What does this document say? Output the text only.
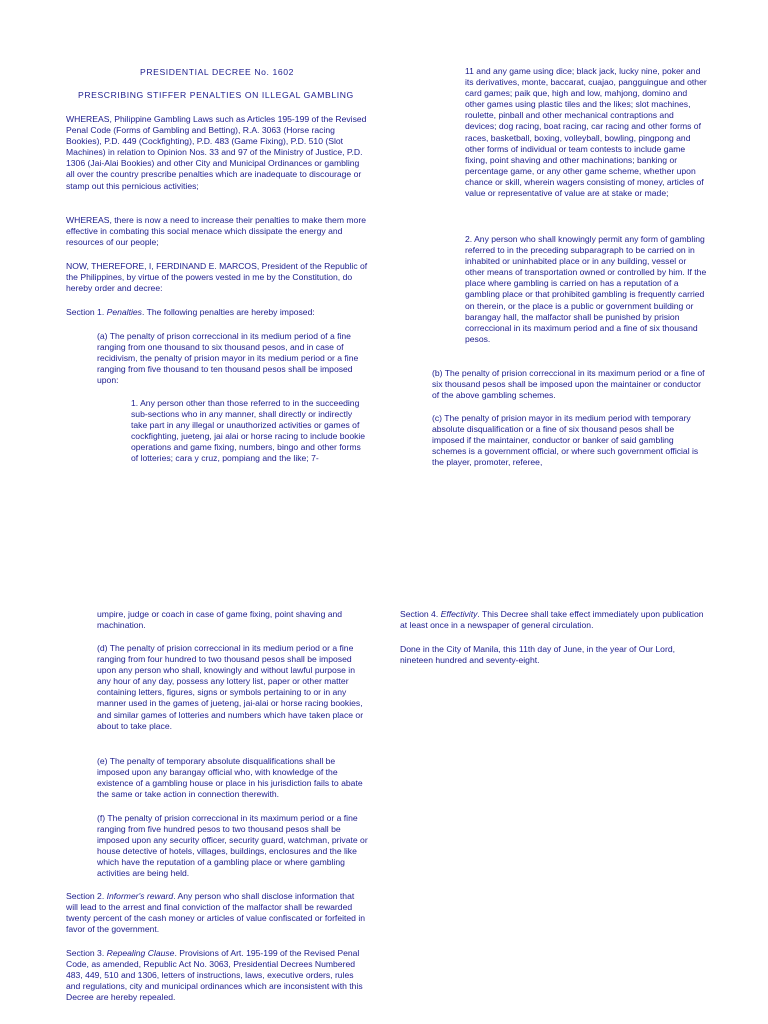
PRESIDENTIAL DECREE No. 1602
PRESCRIBING STIFFER PENALTIES ON ILLEGAL GAMBLING

WHEREAS, Philippine Gambling Laws such as Articles 195-199 of the Revised Penal Code (Forms of Gambling and Betting), R.A. 3063 (Horse racing Bookies), P.D. 449 (Cockfighting), P.D. 483 (Game Fixing), P.D. 510 (Slot Machines) in relation to Opinion Nos. 33 and 97 of the Ministry of Justice, P.D. 1306 (Jai-Alai Bookies) and other City and Municipal Ordinances or gambling all over the country prescribe penalties which are inadequate to discourage or stamp out this pernicious activities;

WHEREAS, there is now a need to increase their penalties to make them more effective in combating this social menace which dissipate the energy and resources of our people;

NOW, THEREFORE, I, FERDINAND E. MARCOS, President of the Republic of the Philippines, by virtue of the powers vested in me by the Constitution, do hereby order and decree:

Section 1. Penalties. The following penalties are hereby imposed:

(a) The penalty of prison correccional in its medium period of a fine ranging from one thousand to six thousand pesos, and in case of recidivism, the penalty of prision mayor in its medium period or a fine ranging from five thousand to ten thousand pesos shall be imposed upon:

1. Any person other than those referred to in the succeeding sub-sections who in any manner, shall directly or indirectly take part in any illegal or unauthorized activities or games of cockfighting, jueteng, jai alai or horse racing to include bookie operations and game fixing, numbers, bingo and other forms of lotteries; cara y cruz, pompiang and the like; 7-

11 and any game using dice; black jack, lucky nine, poker and its derivatives, monte, baccarat, cuajao, pangguingue and other card games; paik que, high and low, mahjong, domino and other games using plastic tiles and the likes; slot machines, roulette, pinball and other mechanical contraptions and devices; dog racing, boat racing, car racing and other forms of races, basketball, boxing, volleyball, bowling, pingpong and other forms of individual or team contests to include game fixing, point shaving and other machinations; banking or percentage game, or any other game scheme, whether upon chance or skill, wherein wagers consisting of money, articles of value or representative of value are at stake or made;

2. Any person who shall knowingly permit any form of gambling referred to in the preceding subparagraph to be carried on in inhabited or uninhabited place or in any building, vessel or other means of transportation owned or controlled by him. If the place where gambling is carried on has a reputation of a gambling place or that prohibited gambling is frequently carried on therein, or the place is a public or government building or barangay hall, the malfactor shall be punished by prision correccional in its maximum period and a fine of six thousand pesos.

(b) The penalty of prision correccional in its maximum period or a fine of six thousand pesos shall be imposed upon the maintainer or conductor of the above gambling schemes.

(c) The penalty of prision mayor in its medium period with temporary absolute disqualification or a fine of six thousand pesos shall be imposed if the maintainer, conductor or banker of said gambling schemes is a government official, or where such government official is the player, promoter, referee,

umpire, judge or coach in case of game fixing, point shaving and machination.

(d) The penalty of prision correccional in its medium period or a fine ranging from four hundred to two thousand pesos shall be imposed upon any person who shall, knowingly and without lawful purpose in any hour of any day, possess any lottery list, paper or other matter containing letters, figures, signs or symbols pertaining to or in any manner used in the games of jueteng, jai-alai or horse racing bookies, and similar games of lotteries and numbers which have taken place or about to take place.

(e) The penalty of temporary absolute disqualifications shall be imposed upon any barangay official who, with knowledge of the existence of a gambling house or place in his jurisdiction fails to abate the same or take action in connection therewith.

(f) The penalty of prision correccional in its maximum period or a fine ranging from five hundred pesos to two thousand pesos shall be imposed upon any security officer, security guard, watchman, private or house detective of hotels, villages, buildings, enclosures and the like which have the reputation of a gambling place or where gambling activities are being held.

Section 2. Informer's reward. Any person who shall disclose information that will lead to the arrest and final conviction of the malfactor shall be rewarded twenty percent of the cash money or articles of value confiscated or forfeited in favor of the government.

Section 3. Repealing Clause. Provisions of Art. 195-199 of the Revised Penal Code, as amended, Republic Act No. 3063, Presidential Decrees Numbered 483, 449, 510 and 1306, letters of instructions, laws, executive orders, rules and regulations, city and municipal ordinances which are inconsistent with this Decree are hereby repealed.

Section 4. Effectivity. This Decree shall take effect immediately upon publication at least once in a newspaper of general circulation.

Done in the City of Manila, this 11th day of June, in the year of Our Lord, nineteen hundred and seventy-eight.
